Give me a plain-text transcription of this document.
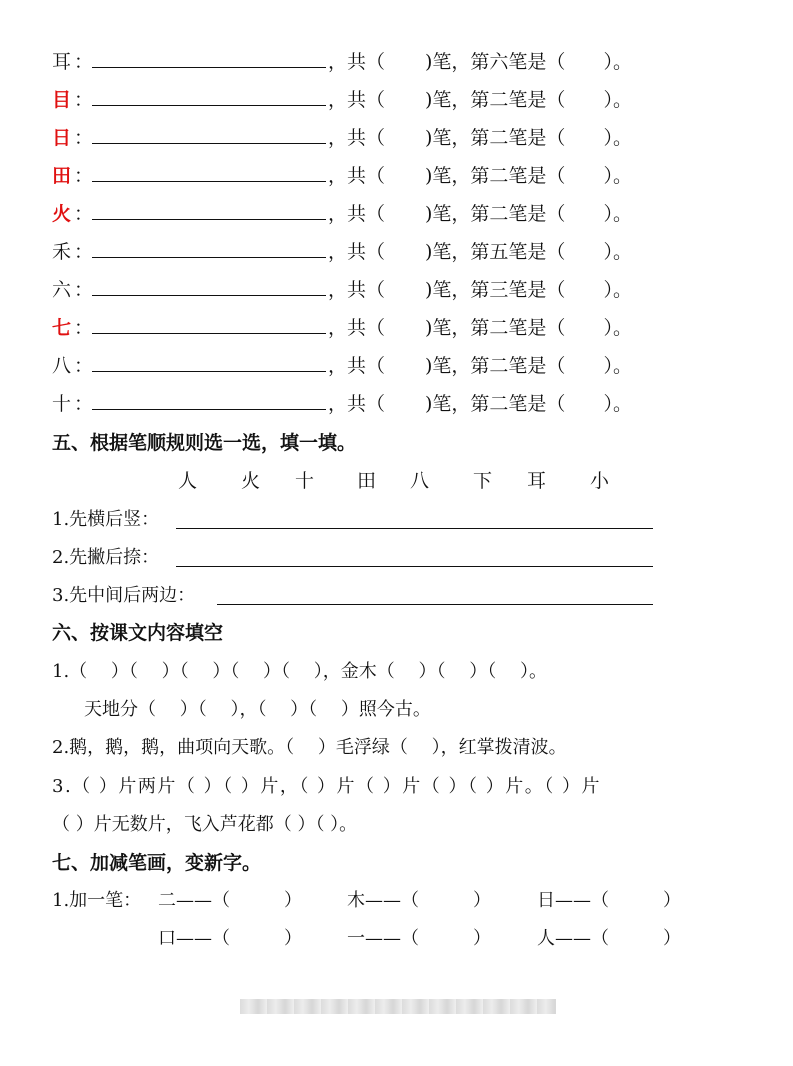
耳 ：	，共（ )笔，第六笔是（ ）。
目 ：	，共（ )笔，第二笔是（ ）。
日 ：	，共（ )笔，第二笔是（ ）。
田 ：	，共（ )笔，第二笔是（ ）。
火 ：	，共（ )笔，第二笔是（ ）。
禾 ：	，共（ )笔，第五笔是（ ）。
六 ：	，共（ )笔，第三笔是（ ）。
七 ：	，共（ )笔，第二笔是（ ）。
八 ：	，共（ )笔，第二笔是（ ）。
十 ：	，共（ )笔，第二笔是（ ）。
五、根据笔顺规则选一选，填一填。
人 火 十 田 八 下 耳 小
1.先横后竖：
2.先撇后捺：
3.先中间后两边：
六、按课文内容填空
1.（　 ）（　 ）（　 ）（　 ）（　 ），金木（　 ）（　 ）（　 ）。
天地分（　 ）（　 ），（　 ）（　 ）照今古。
2.鹅，鹅，鹅，曲项向天歌。（　 ）毛浮绿（　 ），红掌拨清波。
3.（ ）片两片（ ）（ ）片，（ ）片（ ）片（ ）（ ）片。（ ）片
（ ）片无数片，飞入芦花都（ ）（ ）。
七、加减笔画，变新字。
1.加一笔： 二——（　　　）	木——（　　　）	日——（　　　）
口——（　　　）	一——（　　　）	人——（　　　）
